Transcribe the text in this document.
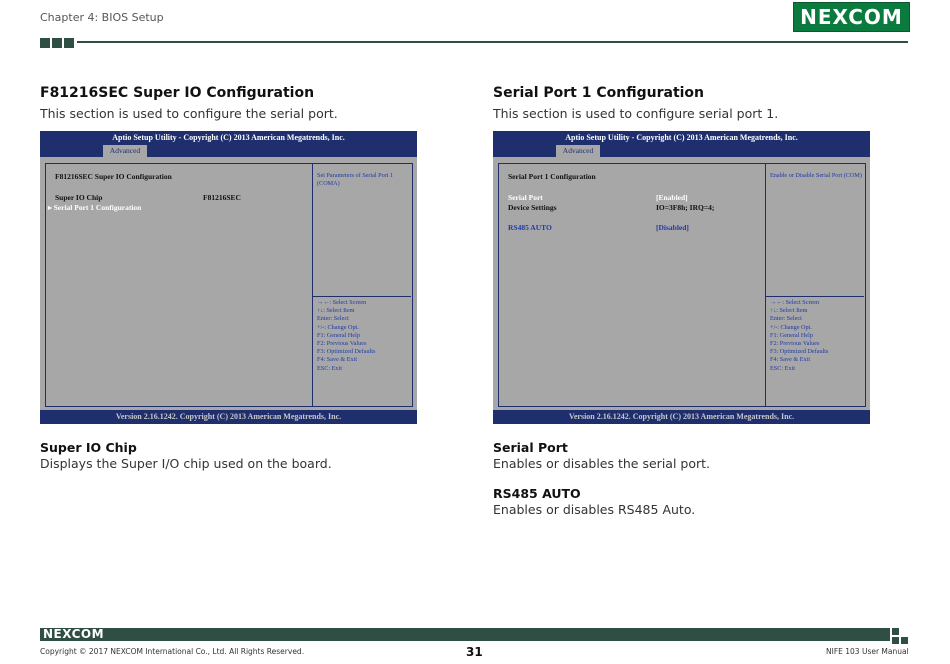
Chapter 4: BIOS Setup	NEXCOM
F81216SEC Super IO Configuration
This section is used to configure the serial port.
Aptio Setup Utility - Copyright (C) 2013 American Megatrends, Inc.
Advanced
F81216SEC Super IO Configuration
Super IO Chip	F81216SEC
▸ Serial Port 1 Configuration
Set Parameters of Serial Port 1 (COMA)
→←: Select Screen
↑↓: Select Item
Enter: Select
+/-: Change Opt.
F1: General Help
F2: Previous Values
F3: Optimized Defaults
F4: Save & Exit
ESC: Exit
Version 2.16.1242. Copyright (C) 2013 American Megatrends, Inc.
Super IO Chip
Displays the Super I/O chip used on the board.
Serial Port 1 Configuration
This section is used to configure serial port 1.
Aptio Setup Utility - Copyright (C) 2013 American Megatrends, Inc.
Advanced
Serial Port 1 Configuration
Serial Port	[Enabled]
Device Settings	IO=3F8h; IRQ=4;
RS485 AUTO	[Disabled]
Enable or Disable Serial Port (COM)
→←: Select Screen
↑↓: Select Item
Enter: Select
+/-: Change Opt.
F1: General Help
F2: Previous Values
F3: Optimized Defaults
F4: Save & Exit
ESC: Exit
Version 2.16.1242. Copyright (C) 2013 American Megatrends, Inc.
Serial Port
Enables or disables the serial port.
RS485 AUTO
Enables or disables RS485 Auto.
NEXCOM
Copyright © 2017 NEXCOM International Co., Ltd. All Rights Reserved.	31	NIFE 103 User Manual
